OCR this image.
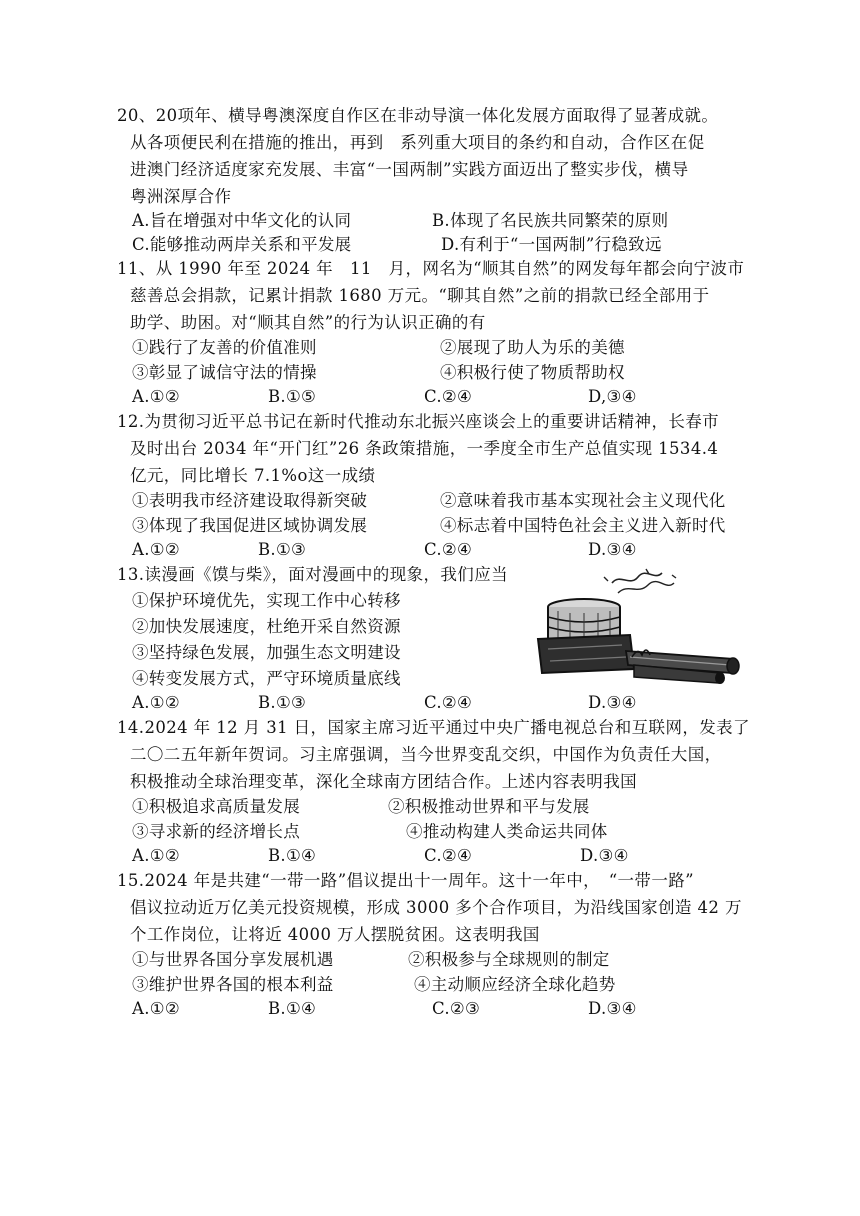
20、20项年、横导粤澳深度自作区在非动导演一体化发展方面取得了显著成就。
从各项便民利在措施的推出，再到　系列重大项目的条约和自动，合作区在促
进澳门经济适度家充发展、丰富“一国两制”实践方面迈出了整实步伐，横导
粤洲深厚合作
A.旨在增强对中华文化的认同	B.体现了名民族共同繁荣的原则
C.能够推动两岸关系和平发展	D.有利于“一国两制”行稳致远
11、从 1990 年至 2024 年　11　月，网名为“顺其自然”的网发每年都会向宁波市
慈善总会捐款，记累计捐款 1680 万元。“聊其自然”之前的捐款已经全部用于
助学、助困。对“顺其自然”的行为认识正确的有
①践行了友善的价值准则	②展现了助人为乐的美德
③彰显了诚信守法的情操	④积极行使了物质帮助权
A.①②	B.①⑤	C.②④	D,③④
12.为贯彻习近平总书记在新时代推动东北振兴座谈会上的重要讲话精神，长春市
及时出台 2034 年“开门红”26 条政策措施，一季度全市生产总值实现 1534.4
亿元，同比增长 7.1%o这一成绩
①表明我市经济建设取得新突破	②意味着我市基本实现社会主义现代化
③体现了我国促进区域协调发展	④标志着中国特色社会主义进入新时代
A.①②	B.①③	C.②④	D.③④
13.读漫画《馍与柴》，面对漫画中的现象，我们应当
①保护环境优先，实现工作中心转移
②加快发展速度，杜绝开采自然资源
③坚持绿色发展，加强生态文明建设
④转变发展方式，严守环境质量底线
A.①②	B.①③	C.②④	D.③④
14.2024 年 12 月 31 日，国家主席习近平通过中央广播电视总台和互联网，发表了
二〇二五年新年贺词。习主席强调，当今世界变乱交织，中国作为负责任大国，
积极推动全球治理变革，深化全球南方团结合作。上述内容表明我国
①积极追求高质量发展	②积极推动世界和平与发展
③寻求新的经济增长点	④推动构建人类命运共同体
A.①②	B.①④	C.②④	D.③④
15.2024 年是共建“一带一路”倡议提出十一周年。这十一年中，　“一带一路”
倡议拉动近万亿美元投资规模，形成 3000 多个合作项目，为沿线国家创造 42 万
个工作岗位，让将近 4000 万人摆脱贫困。这表明我国
①与世界各国分享发展机遇	②积极参与全球规则的制定
③维护世界各国的根本利益	④主动顺应经济全球化趋势
A.①②	B.①④	C.②③	D.③④
